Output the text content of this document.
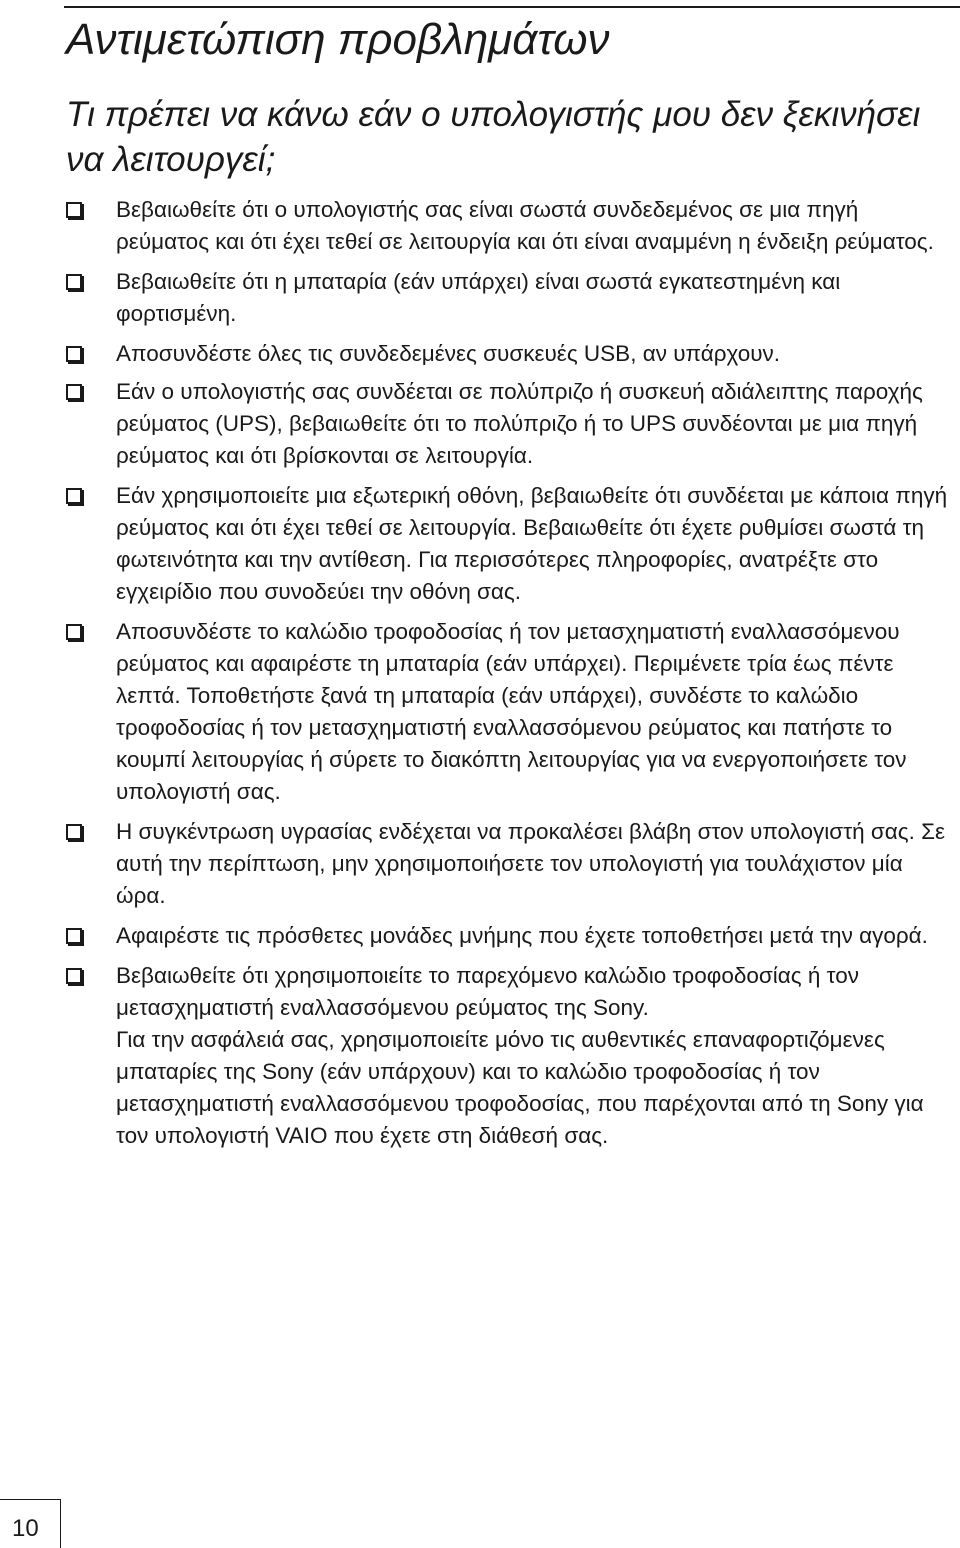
Αντιμετώπιση προβλημάτων
Τι πρέπει να κάνω εάν ο υπολογιστής μου δεν ξεκινήσει να λειτουργεί;

Βεβαιωθείτε ότι ο υπολογιστής σας είναι σωστά συνδεδεμένος σε μια πηγή ρεύματος και ότι έχει τεθεί σε λειτουργία και ότι είναι αναμμένη η ένδειξη ρεύματος.

Βεβαιωθείτε ότι η μπαταρία (εάν υπάρχει) είναι σωστά εγκατεστημένη και φορτισμένη.

Αποσυνδέστε όλες τις συνδεδεμένες συσκευές USB, αν υπάρχουν.

Εάν ο υπολογιστής σας συνδέεται σε πολύπριζο ή συσκευή αδιάλειπτης παροχής ρεύματος (UPS), βεβαιωθείτε ότι το πολύπριζο ή το UPS συνδέονται με μια πηγή ρεύματος και ότι βρίσκονται σε λειτουργία.

Εάν χρησιμοποιείτε μια εξωτερική οθόνη, βεβαιωθείτε ότι συνδέεται με κάποια πηγή ρεύματος και ότι έχει τεθεί σε λειτουργία. Βεβαιωθείτε ότι έχετε ρυθμίσει σωστά τη φωτεινότητα και την αντίθεση. Για περισσότερες πληροφορίες, ανατρέξτε στο εγχειρίδιο που συνοδεύει την οθόνη σας.

Αποσυνδέστε το καλώδιο τροφοδοσίας ή τον μετασχηματιστή εναλλασσόμενου ρεύματος και αφαιρέστε τη μπαταρία (εάν υπάρχει). Περιμένετε τρία έως πέντε λεπτά. Τοποθετήστε ξανά τη μπαταρία (εάν υπάρχει), συνδέστε το καλώδιο τροφοδοσίας ή τον μετασχηματιστή εναλλασσόμενου ρεύματος και πατήστε το κουμπί λειτουργίας ή σύρετε το διακόπτη λειτουργίας για να ενεργοποιήσετε τον υπολογιστή σας.

Η συγκέντρωση υγρασίας ενδέχεται να προκαλέσει βλάβη στον υπολογιστή σας. Σε αυτή την περίπτωση, μην χρησιμοποιήσετε τον υπολογιστή για τουλάχιστον μία ώρα.

Αφαιρέστε τις πρόσθετες μονάδες μνήμης που έχετε τοποθετήσει μετά την αγορά.

Βεβαιωθείτε ότι χρησιμοποιείτε το παρεχόμενο καλώδιο τροφοδοσίας ή τον μετασχηματιστή εναλλασσόμενου ρεύματος της Sony.

Για την ασφάλειά σας, χρησιμοποιείτε μόνο τις αυθεντικές επαναφορτιζόμενες μπαταρίες της Sony (εάν υπάρχουν) και το καλώδιο τροφοδοσίας ή τον μετασχηματιστή εναλλασσόμενου τροφοδοσίας, που παρέχονται από τη Sony για τον υπολογιστή VAIO που έχετε στη διάθεσή σας.

10
